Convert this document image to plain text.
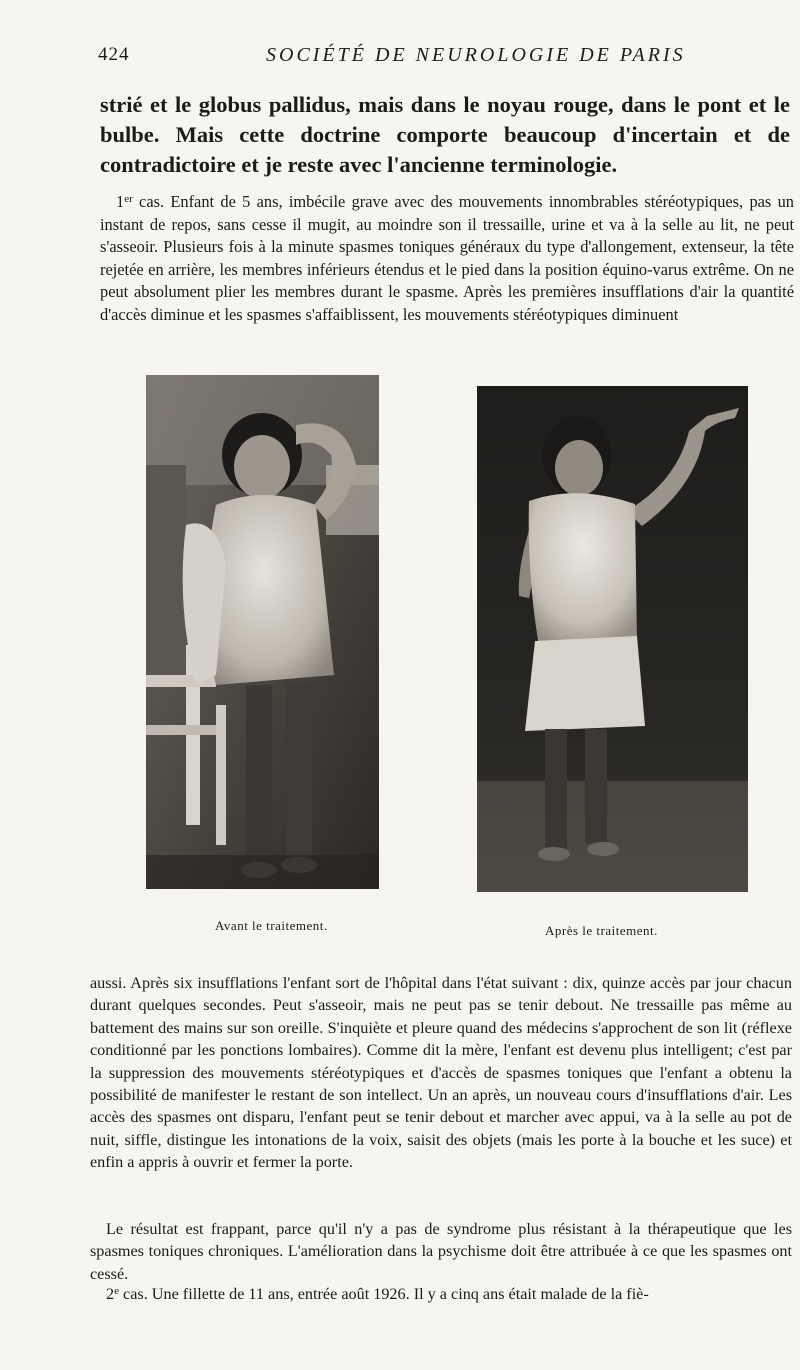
424	SOCIÉTÉ DE NEUROLOGIE DE PARIS

strié et le globus pallidus, mais dans le noyau rouge, dans le pont et le bulbe. Mais cette doctrine comporte beaucoup d'incertain et de contradictoire et je reste avec l'ancienne terminologie.

1er cas. Enfant de 5 ans, imbécile grave avec des mouvements innombrables stéréotypiques, pas un instant de repos, sans cesse il mugit, au moindre son il tressaille, urine et va à la selle au lit, ne peut s'asseoir. Plusieurs fois à la minute spasmes toniques généraux du type d'allongement, extenseur, la tête rejetée en arrière, les membres inférieurs étendus et le pied dans la position équino-varus extrême. On ne peut absolument plier les membres durant le spasme. Après les premières insufflations d'air la quantité d'accès diminue et les spasmes s'affaiblissent, les mouvements stéréotypiques diminuent

Avant le traitement.	Après le traitement.

aussi. Après six insufflations l'enfant sort de l'hôpital dans l'état suivant : dix, quinze accès par jour chacun durant quelques secondes. Peut s'asseoir, mais ne peut pas se tenir debout. Ne tressaille pas même au battement des mains sur son oreille. S'inquiète et pleure quand des médecins s'approchent de son lit (réflexe conditionné par les ponctions lombaires). Comme dit la mère, l'enfant est devenu plus intelligent; c'est par la suppression des mouvements stéréotypiques et d'accès de spasmes toniques que l'enfant a obtenu la possibilité de manifester le restant de son intellect. Un an après, un nouveau cours d'insufflations d'air. Les accès des spasmes ont disparu, l'enfant peut se tenir debout et marcher avec appui, va à la selle au pot de nuit, siffle, distingue les intonations de la voix, saisit des objets (mais les porte à la bouche et les suce) et enfin a appris à ouvrir et fermer la porte.

Le résultat est frappant, parce qu'il n'y a pas de syndrome plus résistant à la thérapeutique que les spasmes toniques chroniques. L'amélioration dans la psychisme doit être attribuée à ce que les spasmes ont cessé.

2e cas. Une fillette de 11 ans, entrée août 1926. Il y a cinq ans était malade de la fiè-
